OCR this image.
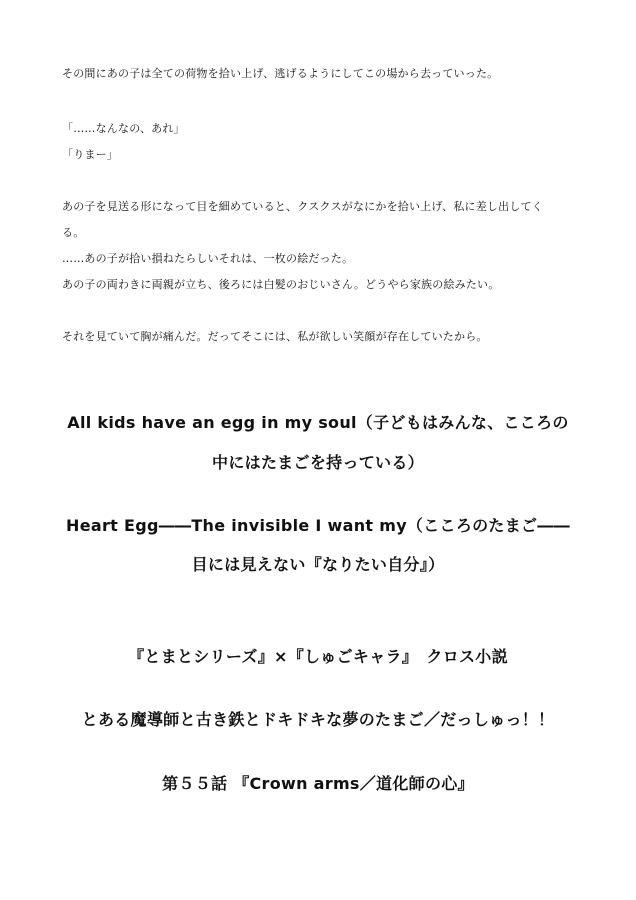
その間にあの子は全ての荷物を拾い上げ、逃げるようにしてこの場から去っていった。
「……なんなの、あれ」
「りまー」
あの子を見送る形になって目を細めていると、クスクスがなにかを拾い上げ、私に差し出してく
る。
……あの子が拾い損ねたらしいそれは、一枚の絵だった。
あの子の両わきに両親が立ち、後ろには白髪のおじいさん。どうやら家族の絵みたい。
それを見ていて胸が痛んだ。だってそこには、私が欲しい笑顔が存在していたから。
All kids have an egg in my soul（子どもはみんな、こころの
中にはたまごを持っている）
Heart Egg――The invisible I want my（こころのたまご――
目には見えない『なりたい自分』）
『とまとシリーズ』×『しゅごキャラ』　クロス小説
とある魔導師と古き鉄とドキドキな夢のたまご／だっしゅっ！！
第５５話 『Crown arms／道化師の心』
